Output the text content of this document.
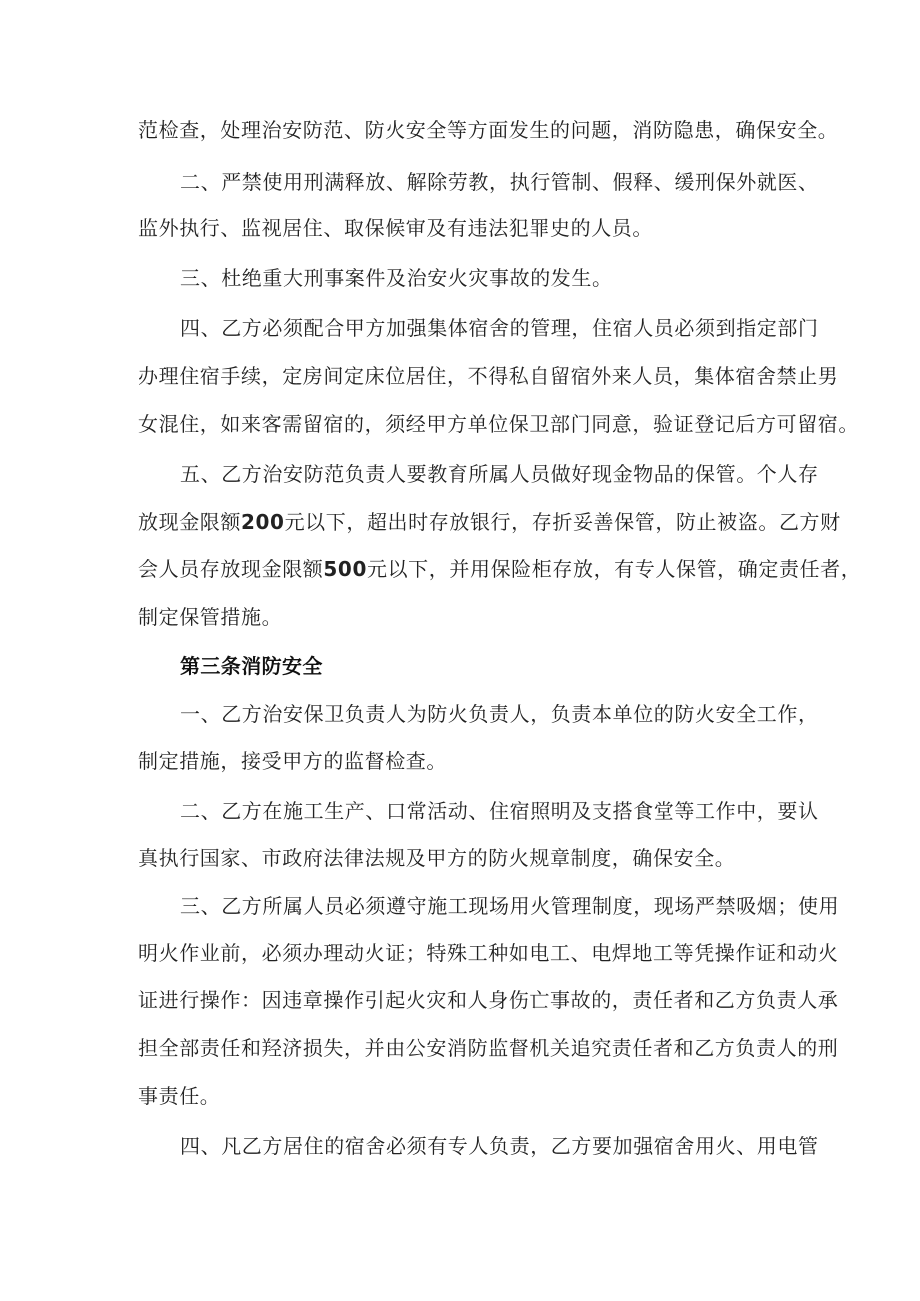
范检查，处理治安防范、防火安全等方面发生的问题，消防隐患，确保安全。
二、严禁使用刑满释放、解除劳教，执行管制、假释、缓刑保外就医、
监外执行、监视居住、取保候审及有违法犯罪史的人员。
三、杜绝重大刑事案件及治安火灾事故的发生。
四、乙方必须配合甲方加强集体宿舍的管理，住宿人员必须到指定部门
办理住宿手续，定房间定床位居住，不得私自留宿外来人员，集体宿舍禁止男
女混住，如来客需留宿的，须经甲方单位保卫部门同意，验证登记后方可留宿。
五、乙方治安防范负责人要教育所属人员做好现金物品的保管。个人存
放现金限额200元以下，超出时存放银行，存折妥善保管，防止被盗。乙方财
会人员存放现金限额500元以下，并用保险柜存放，有专人保管，确定责任者，
制定保管措施。
第三条消防安全
一、乙方治安保卫负责人为防火负责人，负责本单位的防火安全工作，
制定措施，接受甲方的监督检查。
二、乙方在施工生产、口常活动、住宿照明及支搭食堂等工作中，要认
真执行国家、市政府法律法规及甲方的防火规章制度，确保安全。
三、乙方所属人员必须遵守施工现场用火管理制度，现场严禁吸烟；使用
明火作业前，必须办理动火证；特殊工种如电工、电焊地工等凭操作证和动火
证进行操作：因违章操作引起火灾和人身伤亡事故的，责任者和乙方负责人承
担全部责任和羟济损失，并由公安消防监督机关追究责任者和乙方负责人的刑
事责任。
四、凡乙方居住的宿舍必须有专人负责，乙方要加强宿舍用火、用电管
